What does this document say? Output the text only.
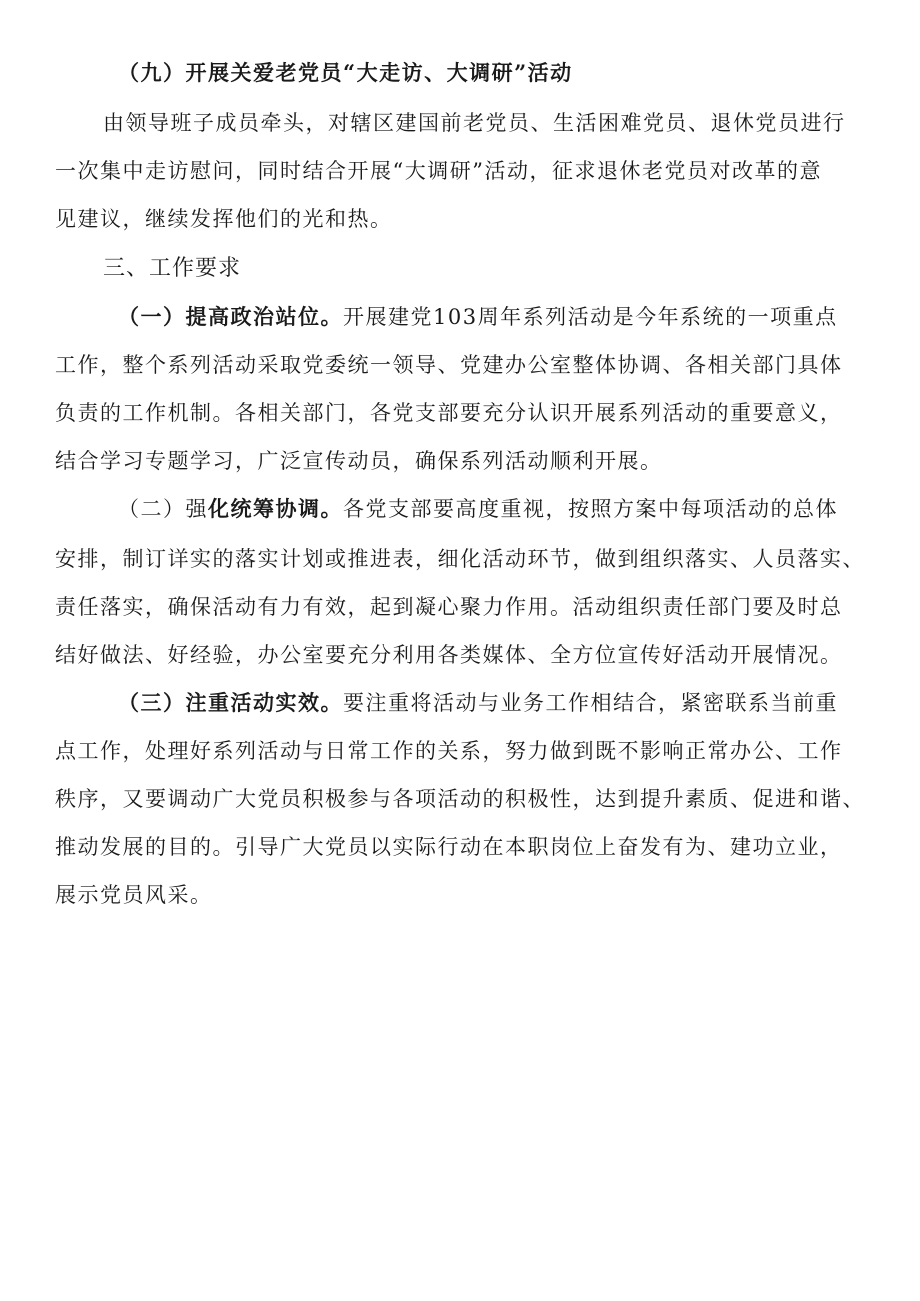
（九）开展关爱老党员“大走访、大调研”活动
由领导班子成员牵头，对辖区建国前老党员、生活困难党员、退休党员进行
一次集中走访慰问，同时结合开展“大调研”活动，征求退休老党员对改革的意
见建议，继续发挥他们的光和热。
三、工作要求
（一）提高政治站位。开展建党103周年系列活动是今年系统的一项重点
工作，整个系列活动采取党委统一领导、党建办公室整体协调、各相关部门具体
负责的工作机制。各相关部门，各党支部要充分认识开展系列活动的重要意义，
结合学习专题学习，广泛宣传动员，确保系列活动顺利开展。
（二）强化统筹协调。各党支部要高度重视，按照方案中每项活动的总体
安排，制订详实的落实计划或推进表，细化活动环节，做到组织落实、人员落实、
责任落实，确保活动有力有效，起到凝心聚力作用。活动组织责任部门要及时总
结好做法、好经验，办公室要充分利用各类媒体、全方位宣传好活动开展情况。
（三）注重活动实效。要注重将活动与业务工作相结合，紧密联系当前重
点工作，处理好系列活动与日常工作的关系，努力做到既不影响正常办公、工作
秩序，又要调动广大党员积极参与各项活动的积极性，达到提升素质、促进和谐、
推动发展的目的。引导广大党员以实际行动在本职岗位上奋发有为、建功立业，
展示党员风采。
